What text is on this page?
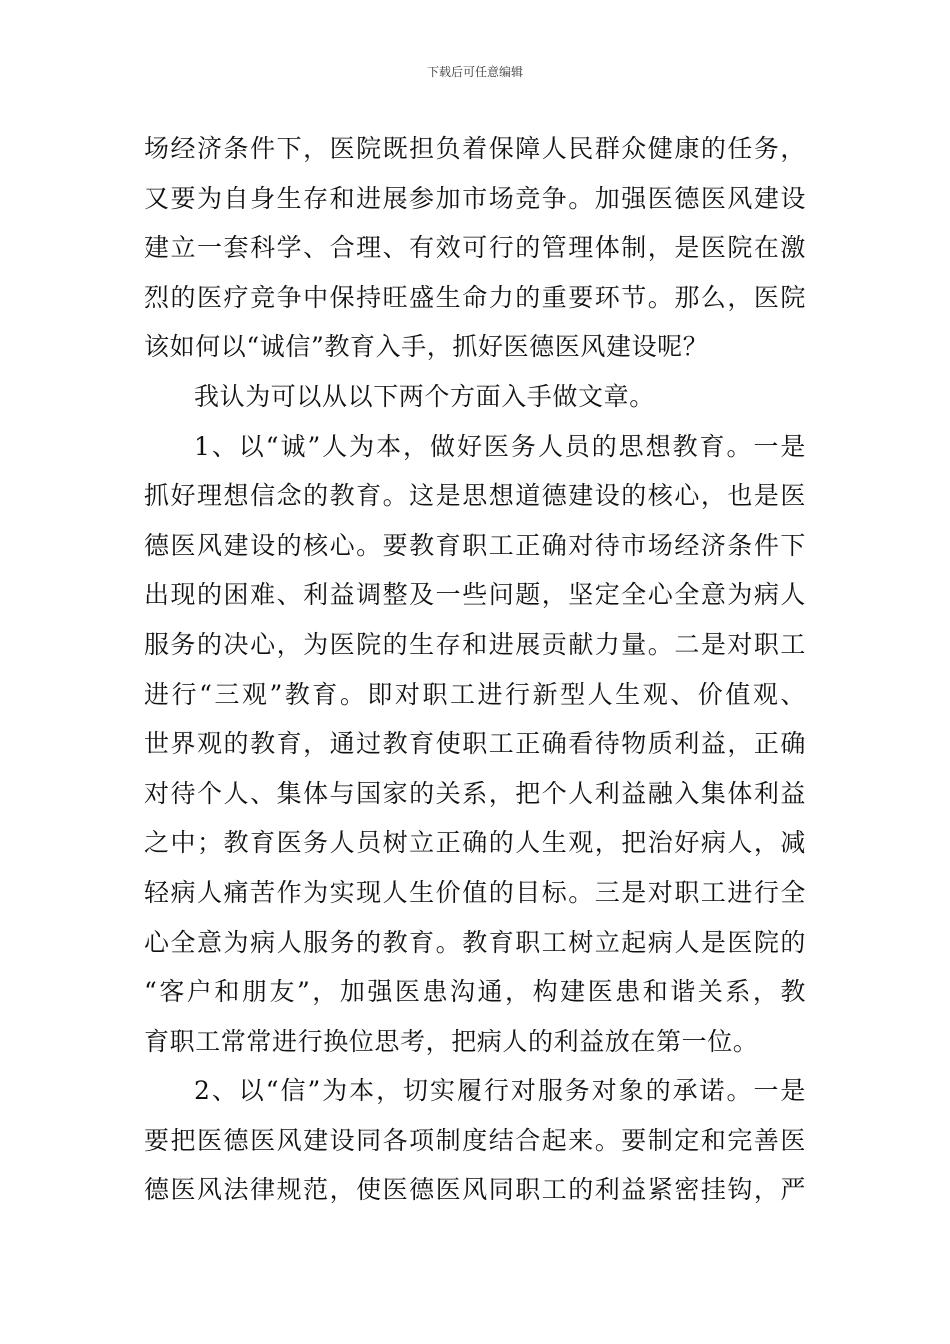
下载后可任意编辑
场经济条件下，医院既担负着保障人民群众健康的任务，
又要为自身生存和进展参加市场竞争。加强医德医风建设
建立一套科学、合理、有效可行的管理体制，是医院在激
烈的医疗竞争中保持旺盛生命力的重要环节。那么，医院
该如何以“诚信”教育入手，抓好医德医风建设呢？
我认为可以从以下两个方面入手做文章。
1、以“诚”人为本，做好医务人员的思想教育。一是
抓好理想信念的教育。这是思想道德建设的核心，也是医
德医风建设的核心。要教育职工正确对待市场经济条件下
出现的困难、利益调整及一些问题，坚定全心全意为病人
服务的决心，为医院的生存和进展贡献力量。二是对职工
进行“三观”教育。即对职工进行新型人生观、价值观、
世界观的教育，通过教育使职工正确看待物质利益，正确
对待个人、集体与国家的关系，把个人利益融入集体利益
之中；教育医务人员树立正确的人生观，把治好病人，减
轻病人痛苦作为实现人生价值的目标。三是对职工进行全
心全意为病人服务的教育。教育职工树立起病人是医院的
“客户和朋友”，加强医患沟通，构建医患和谐关系，教
育职工常常进行换位思考，把病人的利益放在第一位。
2、以“信”为本，切实履行对服务对象的承诺。一是
要把医德医风建设同各项制度结合起来。要制定和完善医
德医风法律规范，使医德医风同职工的利益紧密挂钩，严
